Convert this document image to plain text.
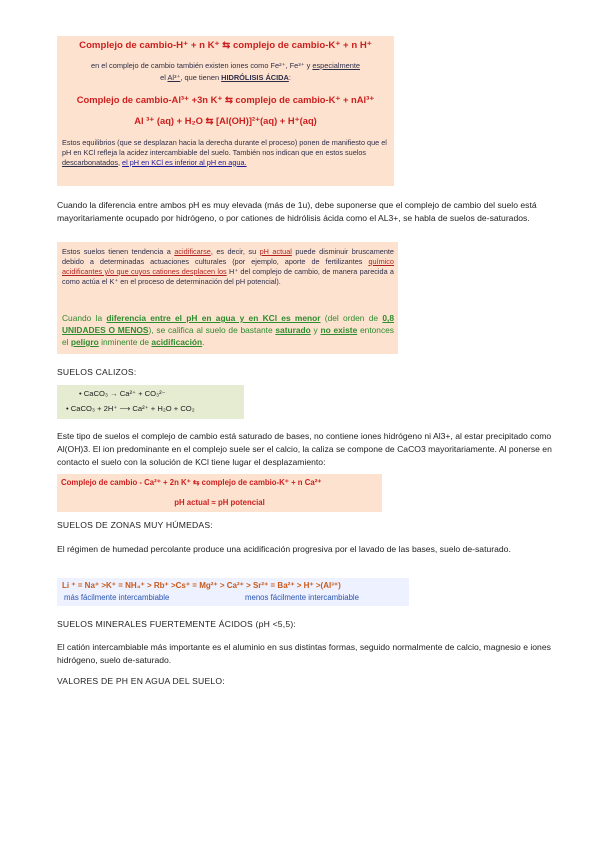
Complejo de cambio-H⁺ + n K⁺ ⇆ complejo de cambio-K⁺ + n H⁺
en el complejo de cambio también existen iones como Fe²⁺, Fe³⁺ y especialmente
el Al³⁺, que tienen HIDRÓLISIS ÁCIDA:
Complejo de cambio-Al³⁺ +3n K⁺ ⇆ complejo de cambio-K⁺ + nAl³⁺
Al ³⁺ (aq) + H₂O ⇆ [Al(OH)]²⁺(aq) + H⁺(aq)
Estos equilibrios (que se desplazan hacia la derecha durante el proceso) ponen de manifiesto que el pH en KCl refleja la acidez intercambiable del suelo. También nos indican que en estos suelos descarbonatados, el pH en KCl es inferior al pH en agua.
Cuando la diferencia entre ambos pH es muy elevada (más de 1u), debe suponerse que el complejo de cambio del suelo está mayoritariamente ocupado por hidrógeno, o por cationes de hidrólisis ácida como el AL3+, se habla de suelos de-saturados.
Estos suelos tienen tendencia a acidificarse, es decir, su pH actual puede disminuir bruscamente debido a determinadas actuaciones culturales (por ejemplo, aporte de fertilizantes químico acidificantes y/o que cuyos cationes desplacen los H⁺ del complejo de cambio, de manera parecida a como actúa el K⁺ en el proceso de determinación del pH potencial).
Cuando la diferencia entre el pH en agua y en KCl es menor (del orden de 0,8 UNIDADES O MENOS), se califica al suelo de bastante saturado y no existe entonces el peligro inminente de acidificación.
SUELOS CALIZOS:
• CaCO₃ → Ca²⁺ + CO₃²⁻
• CaCO₃ + 2H⁺ ⟶ Ca²⁺ + H₂O + CO₂
Este tipo de suelos el complejo de cambio está saturado de bases, no contiene iones hidrógeno ni Al3+, al estar precipitado como Al(OH)3. El ion predominante en el complejo suele ser el calcio, la caliza se compone de CaCO3 mayoritariamente. Al ponerse en contacto el suelo con la solución de KCl tiene lugar el desplazamiento:
Complejo de cambio - Ca²⁺ + 2n K⁺ ⇆ complejo de cambio-K⁺ + n Ca²⁺
pH actual ≈ pH potencial
SUELOS DE ZONAS MUY HÚMEDAS:
El régimen de humedad percolante produce una acidificación progresiva por el lavado de las bases, suelo de-saturado.
Li ⁺ = Na⁺ >K⁺ = NH₄⁺ > Rb⁺ >Cs⁺ = Mg²⁺ > Ca²⁺ > Sr²⁺ = Ba²⁺ > H⁺ >(Al³⁺)
más fácilmente intercambiable	menos fácilmente intercambiable
SUELOS MINERALES FUERTEMENTE ÁCIDOS (pH <5,5):
El catión intercambiable más importante es el aluminio en sus distintas formas, seguido normalmente de calcio, magnesio e iones hidrógeno, suelo de-saturado.
VALORES DE PH EN AGUA DEL SUELO:
